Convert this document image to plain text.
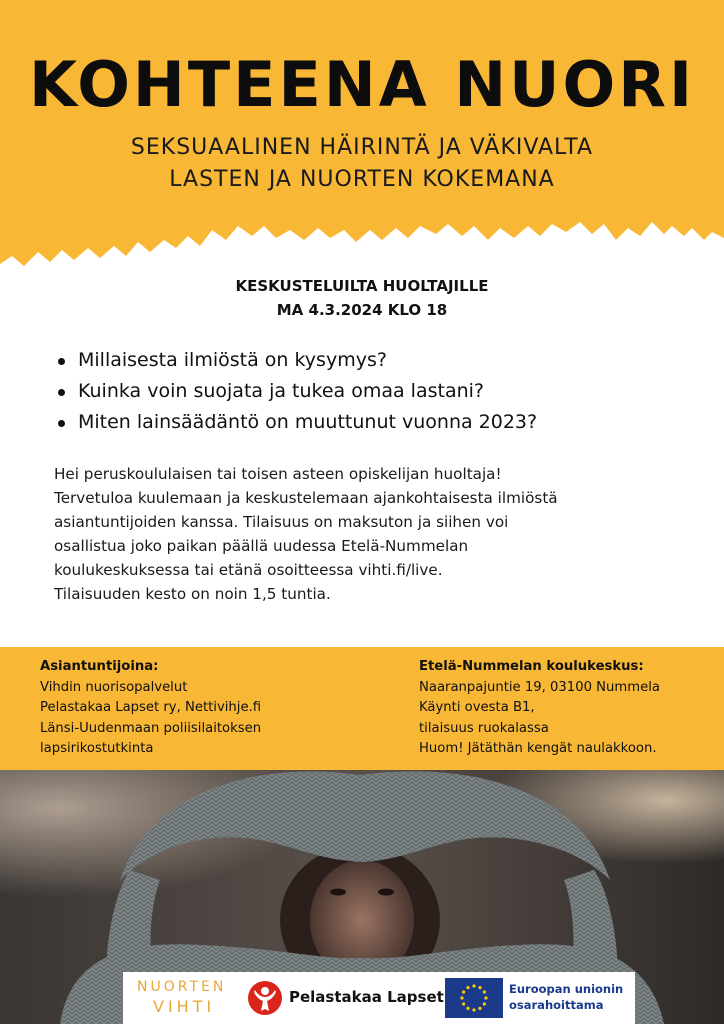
KOHTEENA NUORI
SEKSUAALINEN HÄIRINTÄ JA VÄKIVALTA
LASTEN JA NUORTEN KOKEMANA
KESKUSTELUILTA HUOLTAJILLE
MA 4.3.2024 KLO 18
Millaisesta ilmiöstä on kysymys?
Kuinka voin suojata ja tukea omaa lastani?
Miten lainsäädäntö on muuttunut vuonna 2023?
Hei peruskoululaisen tai toisen asteen opiskelijan huoltaja!
Tervetuloa kuulemaan ja keskustelemaan ajankohtaisesta ilmiöstä
asiantuntijoiden kanssa. Tilaisuus on maksuton ja siihen voi
osallistua joko paikan päällä uudessa Etelä-Nummelan
koulukeskuksessa tai etänä osoitteessa vihti.fi/live.
Tilaisuuden kesto on noin 1,5 tuntia.
Asiantuntijoina:
Vihdin nuorisopalvelut
Pelastakaa Lapset ry, Nettivihje.fi
Länsi-Uudenmaan poliisilaitoksen
lapsirikostutkinta
Etelä-Nummelan koulukeskus:
Naaranpajuntie 19, 03100 Nummela
Käynti ovesta B1,
tilaisuus ruokalassa
Huom! Jätäthän kengät naulakkoon.
NUORTEN
VIHTI	Pelastakaa Lapset	Euroopan unionin
osarahoittama
